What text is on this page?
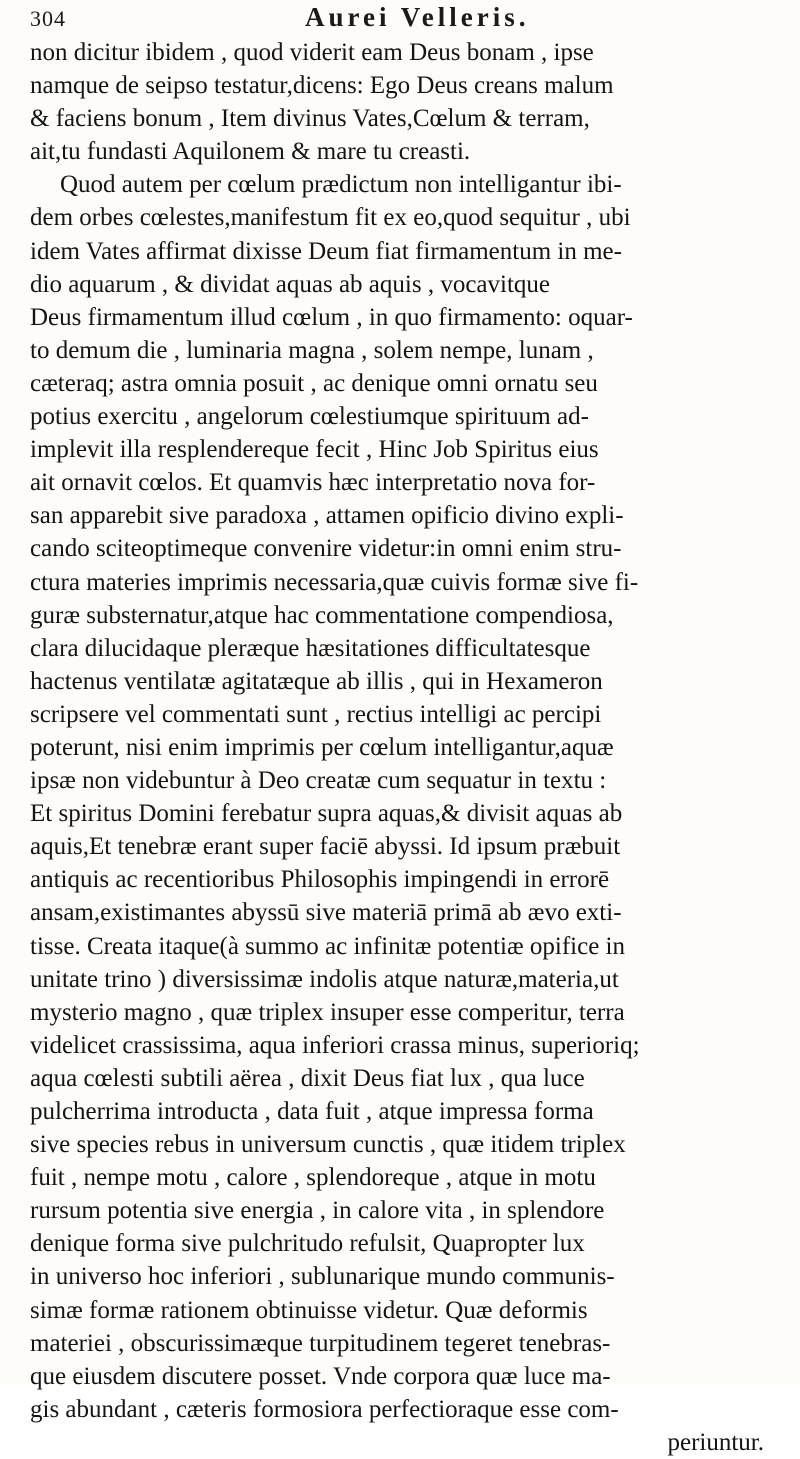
304	Aurei Velleris.
non dicitur ibidem , quod viderit eam Deus bonam , ipse
namque de seipso testatur,dicens: Ego Deus creans malum
& faciens bonum , Item divinus Vates,Cœlum & terram,
ait,tu fundasti Aquilonem & mare tu creasti.
Quod autem per cœlum prædictum non intelligantur ibi-
dem orbes cœlestes,manifestum fit ex eo,quod sequitur , ubi
idem Vates affirmat dixisse Deum fiat firmamentum in me-
dio aquarum , & dividat aquas ab aquis , vocavitque
Deus firmamentum illud cœlum , in quo firmamento: oquar-
to demum die , luminaria magna , solem nempe, lunam ,
cæteraq; astra omnia posuit , ac denique omni ornatu seu
potius exercitu , angelorum cœlestiumque spirituum ad-
implevit illa resplendereque fecit , Hinc Job Spiritus eius
ait ornavit cœlos. Et quamvis hæc interpretatio nova for-
san apparebit sive paradoxa , attamen opificio divino expli-
cando sciteoptimeque convenire videtur:in omni enim stru-
ctura materies imprimis necessaria,quæ cuivis formæ sive fi-
guræ substernatur,atque hac commentatione compendiosa,
clara dilucidaque pleræque hæsitationes difficultatesque
hactenus ventilatæ agitatæque ab illis , qui in Hexameron
scripsere vel commentati sunt , rectius intelligi ac percipi
poterunt, nisi enim imprimis per cœlum intelligantur,aquæ
ipsæ non videbuntur à Deo creatæ cum sequatur in textu :
Et spiritus Domini ferebatur supra aquas,& divisit aquas ab
aquis,Et tenebræ erant super faciē abyssi. Id ipsum præbuit
antiquis ac recentioribus Philosophis impingendi in errorē
ansam,existimantes abyssū sive materiā primā ab ævo exti-
tisse. Creata itaque(à summo ac infinitæ potentiæ opifice in
unitate trino ) diversissimæ indolis atque naturæ,materia,ut
mysterio magno , quæ triplex insuper esse comperitur, terra
videlicet crassissima, aqua inferiori crassa minus, superioriq;
aqua cœlesti subtili aërea , dixit Deus fiat lux , qua luce
pulcherrima introducta , data fuit , atque impressa forma
sive species rebus in universum cunctis , quæ itidem triplex
fuit , nempe motu , calore , splendoreque , atque in motu
rursum potentia sive energia , in calore vita , in splendore
denique forma sive pulchritudo refulsit, Quapropter lux
in universo hoc inferiori , sublunarique mundo communis-
simæ formæ rationem obtinuisse videtur. Quæ deformis
materiei , obscurissimæque turpitudinem tegeret tenebras-
que eiusdem discutere posset. Vnde corpora quæ luce ma-
gis abundant , cæteris formosiora perfectioraque esse com-
periuntur.
